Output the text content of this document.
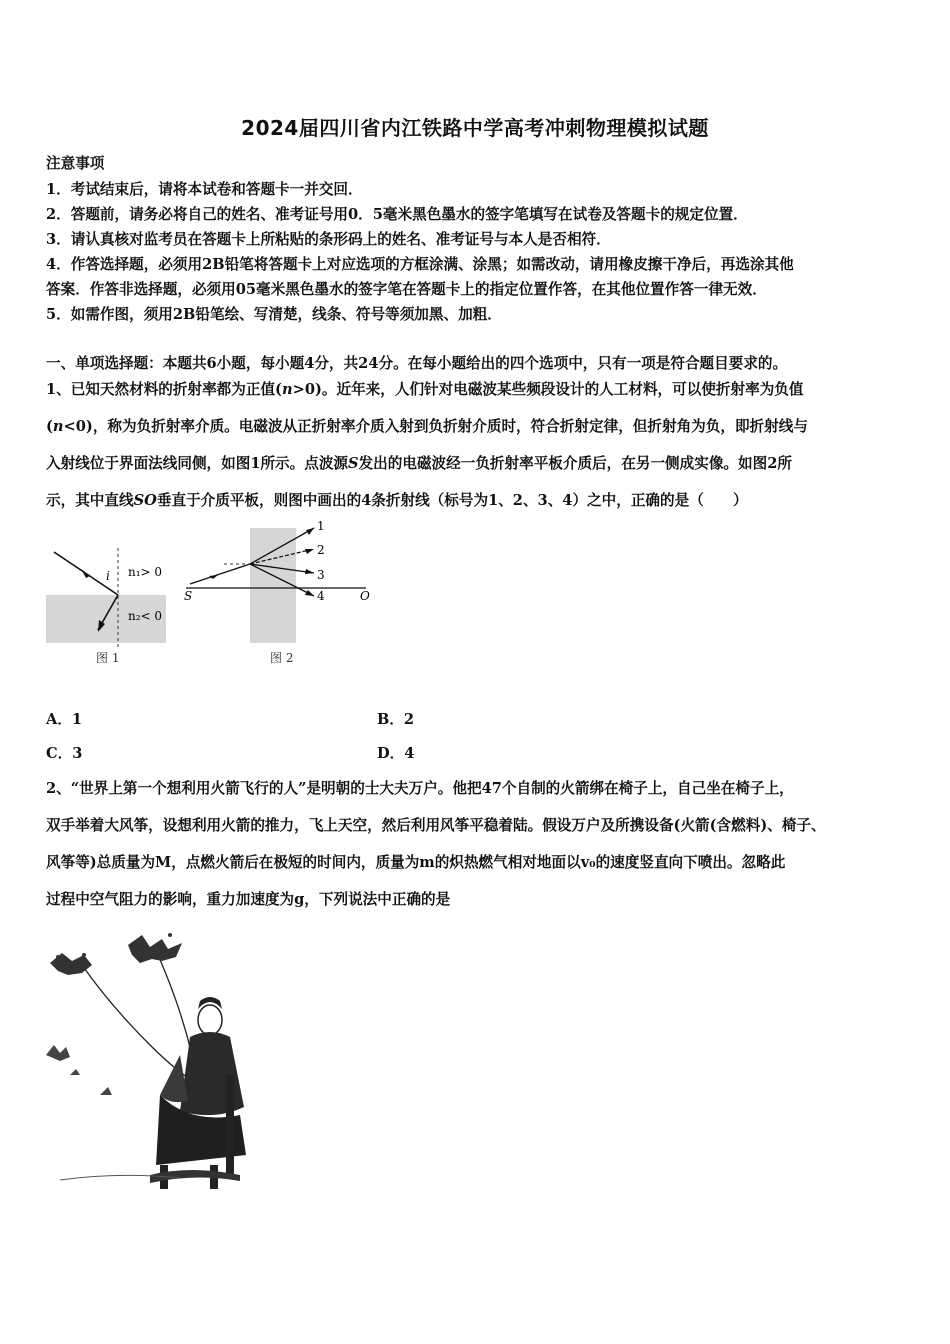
2024届四川省内江铁路中学高考冲刺物理模拟试题
注意事项
1．考试结束后，请将本试卷和答题卡一并交回．
2．答题前，请务必将自己的姓名、准考证号用0．5毫米黑色墨水的签字笔填写在试卷及答题卡的规定位置．
3．请认真核对监考员在答题卡上所粘贴的条形码上的姓名、准考证号与本人是否相符．
4．作答选择题，必须用2B铅笔将答题卡上对应选项的方框涂满、涂黑；如需改动，请用橡皮擦干净后，再选涂其他
答案．作答非选择题，必须用05毫米黑色墨水的签字笔在答题卡上的指定位置作答，在其他位置作答一律无效．
5．如需作图，须用2B铅笔绘、写清楚，线条、符号等须加黑、加粗．
一、单项选择题：本题共6小题，每小题4分，共24分。在每小题给出的四个选项中，只有一项是符合题目要求的。
1、已知天然材料的折射率都为正值(n>0)。近年来，人们针对电磁波某些频段设计的人工材料，可以使折射率为负值
(n<0)，称为负折射率介质。电磁波从正折射率介质入射到负折射介质时，符合折射定律，但折射角为负，即折射线与
入射线位于界面法线同侧，如图1所示。点波源S发出的电磁波经一负折射率平板介质后，在另一侧成实像。如图2所
示，其中直线SO垂直于介质平板，则图中画出的4条折射线（标号为1、2、3、4）之中，正确的是（　　）
i n₁> 0
n₂< 0
图 1
1
2
3
4
S	O
图 2
A．1	B．2
C．3	D．4
2、“世界上第一个想利用火箭飞行的人”是明朝的士大夫万户。他把47个自制的火箭绑在椅子上，自己坐在椅子上，
双手举着大风筝，设想利用火箭的推力，飞上天空，然后利用风筝平稳着陆。假设万户及所携设备(火箭(含燃料)、椅子、
风筝等)总质量为M，点燃火箭后在极短的时间内，质量为m的炽热燃气相对地面以v₀的速度竖直向下喷出。忽略此
过程中空气阻力的影响，重力加速度为g，下列说法中正确的是
